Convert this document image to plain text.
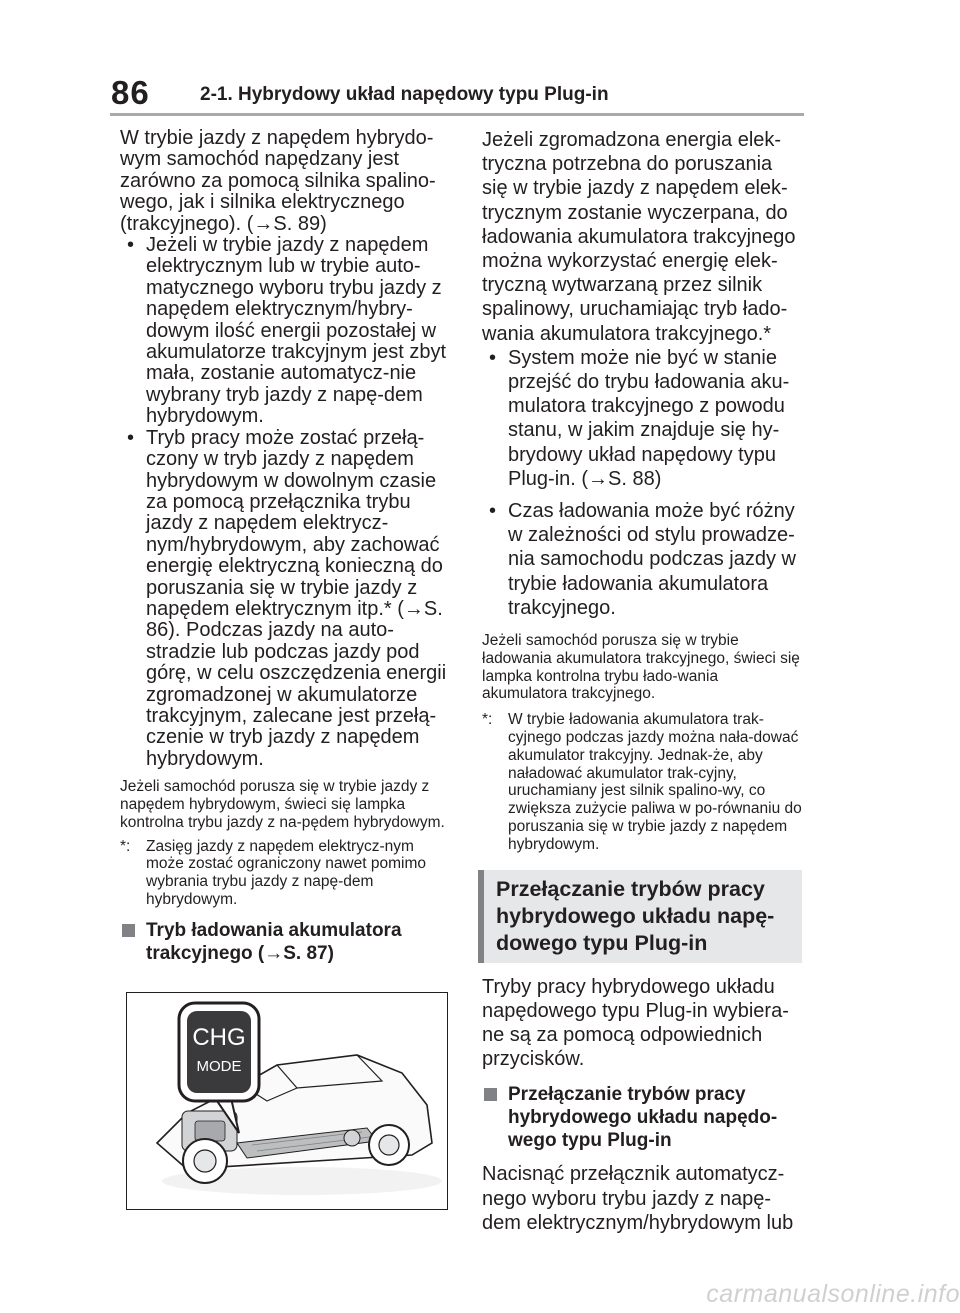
86	2-1. Hybrydowy układ napędowy typu Plug-in

W trybie jazdy z napędem hybrydo-wym samochód napędzany jest zarówno za pomocą silnika spalino-wego, jak i silnika elektrycznego (trakcyjnego). (→S. 89)

• Jeżeli w trybie jazdy z napędem elektrycznym lub w trybie auto-matycznego wyboru trybu jazdy z napędem elektrycznym/hybry-dowym ilość energii pozostałej w akumulatorze trakcyjnym jest zbyt mała, zostanie automatycz-nie wybrany tryb jazdy z napę-dem hybrydowym.
• Tryb pracy może zostać przełą-czony w tryb jazdy z napędem hybrydowym w dowolnym czasie za pomocą przełącznika trybu jazdy z napędem elektrycz-nym/hybrydowym, aby zachować energię elektryczną konieczną do poruszania się w trybie jazdy z napędem elektrycznym itp.* (→S. 86). Podczas jazdy na auto-stradzie lub podczas jazdy pod górę, w celu oszczędzenia energii zgromadzonej w akumulatorze trakcyjnym, zalecane jest przełą-czenie w tryb jazdy z napędem hybrydowym.

Jeżeli samochód porusza się w trybie jazdy z napędem hybrydowym, świeci się lampka kontrolna trybu jazdy z na-pędem hybrydowym.

*: Zasięg jazdy z napędem elektrycz-nym może zostać ograniczony nawet pomimo wybrania trybu jazdy z napę-dem hybrydowym.
Tryb ładowania akumulatora
trakcyjnego (→S. 87)
CHG
MODE

Jeżeli zgromadzona energia elek-tryczna potrzebna do poruszania się w trybie jazdy z napędem elek-trycznym zostanie wyczerpana, do ładowania akumulatora trakcyjnego można wykorzystać energię elek-tryczną wytwarzaną przez silnik spalinowy, uruchamiając tryb łado-wania akumulatora trakcyjnego.*

• System może nie być w stanie przejść do trybu ładowania aku-mulatora trakcyjnego z powodu stanu, w jakim znajduje się hy-brydowy układ napędowy typu Plug-in. (→S. 88)
• Czas ładowania może być różny w zależności od stylu prowadze-nia samochodu podczas jazdy w trybie ładowania akumulatora trakcyjnego.

Jeżeli samochód porusza się w trybie ładowania akumulatora trakcyjnego, świeci się lampka kontrolna trybu łado-wania akumulatora trakcyjnego.

*: W trybie ładowania akumulatora trak-cyjnego podczas jazdy można nała-dować akumulator trakcyjny. Jednak-że, aby naładować akumulator trak-cyjny, uruchamiany jest silnik spalino-wy, co zwiększa zużycie paliwa w po-równaniu do poruszania się w trybie jazdy z napędem hybrydowym.
Przełączanie trybów pracy hybrydowego układu napę-dowego typu Plug-in

Tryby pracy hybrydowego układu napędowego typu Plug-in wybiera-ne są za pomocą odpowiednich przycisków.

Przełączanie trybów pracy hybrydowego układu napędo-wego typu Plug-in

Nacisnąć przełącznik automatycz-nego wyboru trybu jazdy z napę-dem elektrycznym/hybrydowym lub

carmanualsonline.info
